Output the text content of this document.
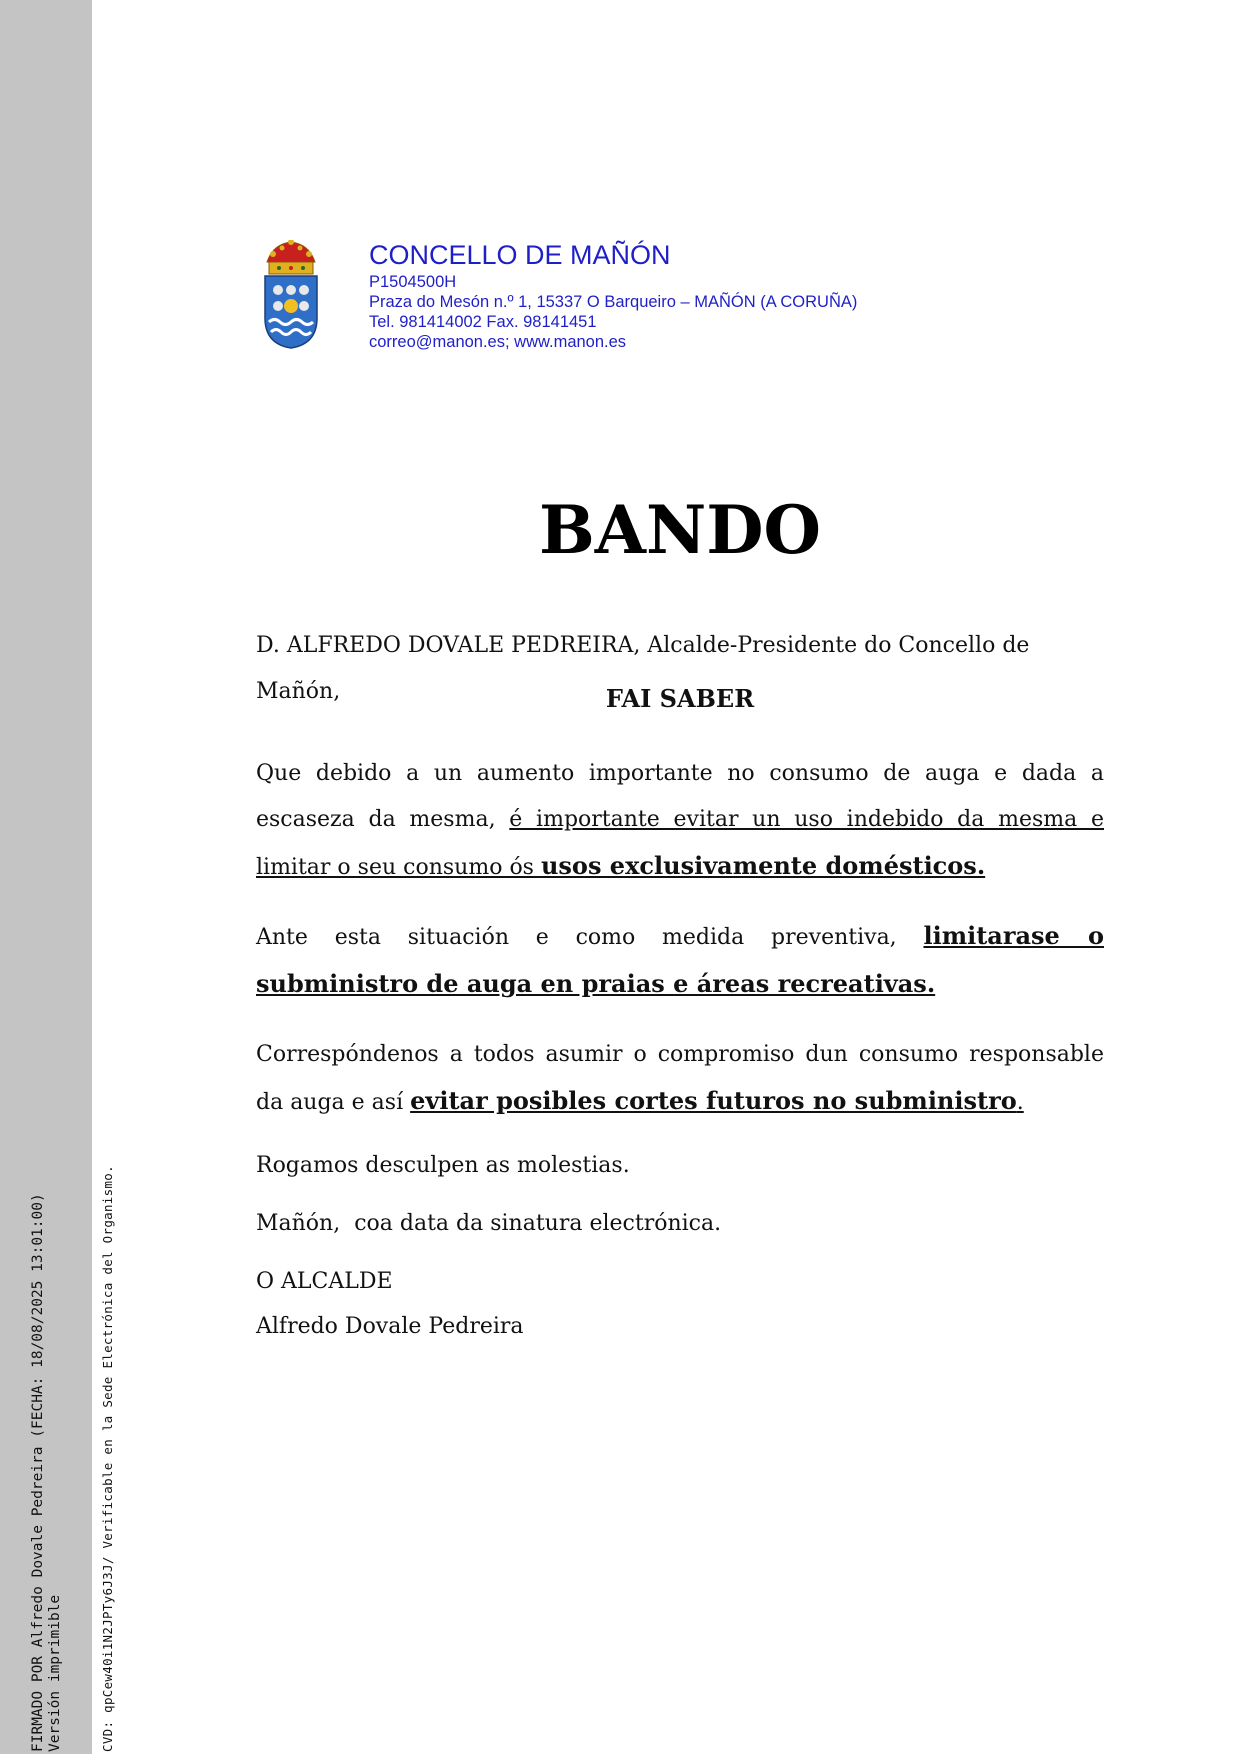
FIRMADO POR Alfredo Dovale Pedreira (FECHA: 18/08/2025 13:01:00) Versión imprimible	CVD: qpCew40i1N2JPTy6J3J/ Verificable en la Sede Electrónica del Organismo.
CONCELLO DE MAÑÓN
P1504500H
Praza do Mesón n.º 1, 15337 O Barqueiro – MAÑÓN (A CORUÑA)
Tel. 981414002 Fax. 98141451
correo@manon.es; www.manon.es
BANDO

D. ALFREDO DOVALE PEDREIRA, Alcalde-Presidente do Concello de Mañón,	FAI SABER

Que debido a un aumento importante no consumo de auga e dada a escaseza da mesma, é importante evitar un uso indebido da mesma e limitar o seu consumo ós usos exclusivamente domésticos.

Ante esta situación e como medida preventiva, limitarase o subministro de auga en praias e áreas recreativas.

Correspóndenos a todos asumir o compromiso dun consumo responsable da auga e así evitar posibles cortes futuros no subministro.

Rogamos desculpen as molestias.

Mañón,  coa data da sinatura electrónica.

O ALCALDE

Alfredo Dovale Pedreira
